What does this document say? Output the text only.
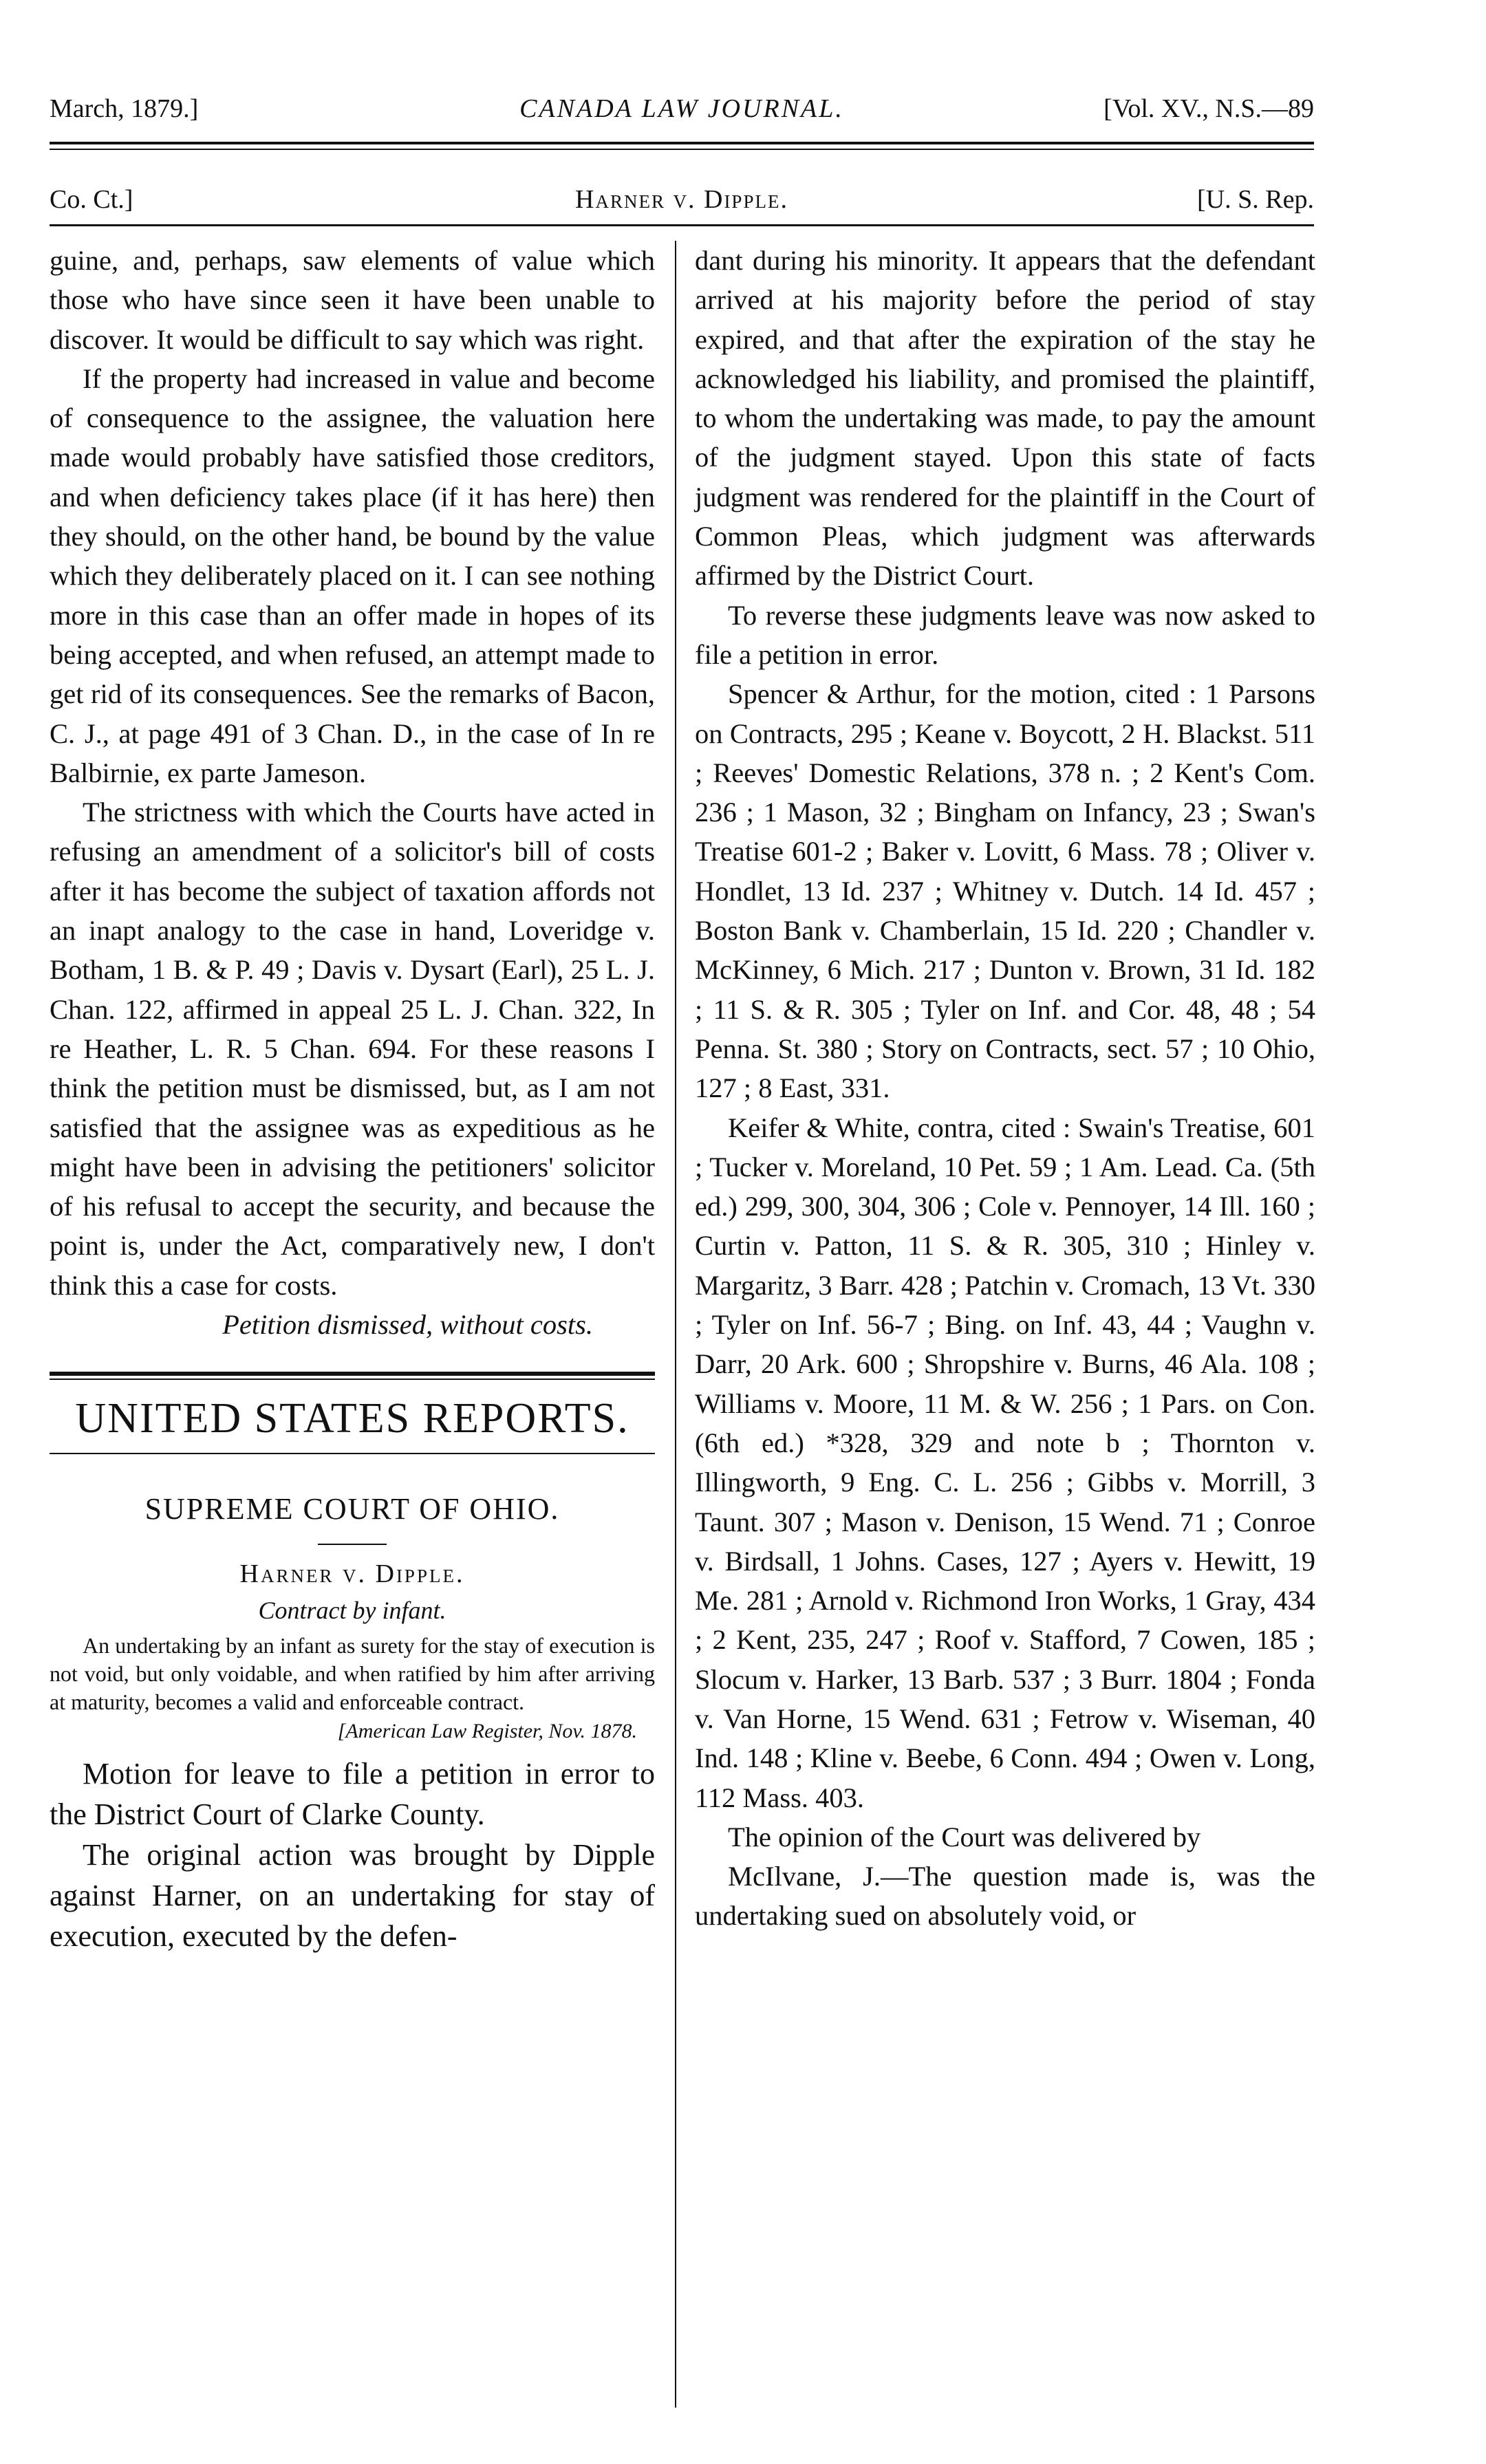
March, 1879.]	CANADA LAW JOURNAL.	[Vol. XV., N.S.—89
Co. Ct.]	Harner v. Dipple.	[U. S. Rep.

guine, and, perhaps, saw elements of value which those who have since seen it have been unable to discover. It would be difficult to say which was right.

If the property had increased in value and become of consequence to the assignee, the valuation here made would probably have satisfied those creditors, and when deficiency takes place (if it has here) then they should, on the other hand, be bound by the value which they deliberately placed on it. I can see nothing more in this case than an offer made in hopes of its being accepted, and when refused, an attempt made to get rid of its consequences. See the remarks of Bacon, C. J., at page 491 of 3 Chan. D., in the case of In re Balbirnie, ex parte Jameson.

The strictness with which the Courts have acted in refusing an amendment of a solicitor's bill of costs after it has become the subject of taxation affords not an inapt analogy to the case in hand, Loveridge v. Botham, 1 B. & P. 49 ; Davis v. Dysart (Earl), 25 L. J. Chan. 122, affirmed in appeal 25 L. J. Chan. 322, In re Heather, L. R. 5 Chan. 694. For these reasons I think the petition must be dismissed, but, as I am not satisfied that the assignee was as expeditious as he might have been in advising the petitioners' solicitor of his refusal to accept the security, and because the point is, under the Act, comparatively new, I don't think this a case for costs.

Petition dismissed, without costs.

UNITED STATES REPORTS.
SUPREME COURT OF OHIO.
Harner v. Dipple.
Contract by infant.

An undertaking by an infant as surety for the stay of execution is not void, but only voidable, and when ratified by him after arriving at maturity, becomes a valid and enforceable contract.

[American Law Register, Nov. 1878.

Motion for leave to file a petition in error to the District Court of Clarke County.

The original action was brought by Dipple against Harner, on an undertaking for stay of execution, executed by the defen-

dant during his minority. It appears that the defendant arrived at his majority before the period of stay expired, and that after the expiration of the stay he acknowledged his liability, and promised the plaintiff, to whom the undertaking was made, to pay the amount of the judgment stayed. Upon this state of facts judgment was rendered for the plaintiff in the Court of Common Pleas, which judgment was afterwards affirmed by the District Court.

To reverse these judgments leave was now asked to file a petition in error.

Spencer & Arthur, for the motion, cited : 1 Parsons on Contracts, 295 ; Keane v. Boycott, 2 H. Blackst. 511 ; Reeves' Domestic Relations, 378 n. ; 2 Kent's Com. 236 ; 1 Mason, 32 ; Bingham on Infancy, 23 ; Swan's Treatise 601-2 ; Baker v. Lovitt, 6 Mass. 78 ; Oliver v. Hondlet, 13 Id. 237 ; Whitney v. Dutch. 14 Id. 457 ; Boston Bank v. Chamberlain, 15 Id. 220 ; Chandler v. McKinney, 6 Mich. 217 ; Dunton v. Brown, 31 Id. 182 ; 11 S. & R. 305 ; Tyler on Inf. and Cor. 48, 48 ; 54 Penna. St. 380 ; Story on Contracts, sect. 57 ; 10 Ohio, 127 ; 8 East, 331.

Keifer & White, contra, cited : Swain's Treatise, 601 ; Tucker v. Moreland, 10 Pet. 59 ; 1 Am. Lead. Ca. (5th ed.) 299, 300, 304, 306 ; Cole v. Pennoyer, 14 Ill. 160 ; Curtin v. Patton, 11 S. & R. 305, 310 ; Hinley v. Margaritz, 3 Barr. 428 ; Patchin v. Cromach, 13 Vt. 330 ; Tyler on Inf. 56-7 ; Bing. on Inf. 43, 44 ; Vaughn v. Darr, 20 Ark. 600 ; Shropshire v. Burns, 46 Ala. 108 ; Williams v. Moore, 11 M. & W. 256 ; 1 Pars. on Con. (6th ed.) *328, 329 and note b ; Thornton v. Illingworth, 9 Eng. C. L. 256 ; Gibbs v. Morrill, 3 Taunt. 307 ; Mason v. Denison, 15 Wend. 71 ; Conroe v. Birdsall, 1 Johns. Cases, 127 ; Ayers v. Hewitt, 19 Me. 281 ; Arnold v. Richmond Iron Works, 1 Gray, 434 ; 2 Kent, 235, 247 ; Roof v. Stafford, 7 Cowen, 185 ; Slocum v. Harker, 13 Barb. 537 ; 3 Burr. 1804 ; Fonda v. Van Horne, 15 Wend. 631 ; Fetrow v. Wiseman, 40 Ind. 148 ; Kline v. Beebe, 6 Conn. 494 ; Owen v. Long, 112 Mass. 403.

The opinion of the Court was delivered by

McIlvane, J.—The question made is, was the undertaking sued on absolutely void, or
